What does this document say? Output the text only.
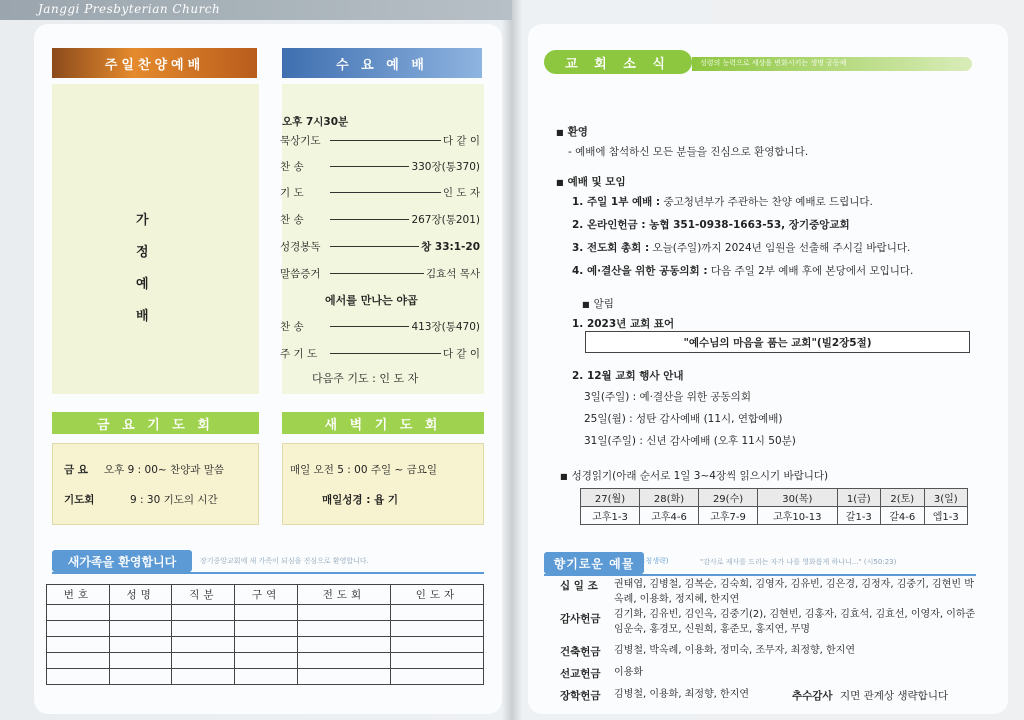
Janggi Presbyterian Church
주일찬양예배	수 요 예 배
가
정
예
배
오후 7시30분
묵상기도	다 같 이
찬 송	330장(통370)
기 도	인 도 자
찬 송	267장(통201)
성경봉독	창 33:1-20
말씀증거	김효석 목사
에서를 만나는 야곱
찬 송	413장(통470)
주 기 도	다 같 이
다음주 기도 : 인 도 자
금 요 기 도 회	새 벽 기 도 회
금 요 오후 9 : 00~ 찬양과 말씀
기도회	9 : 30 기도의 시간
매일 오전 5 : 00 주일 ~ 금요일
매일성경 : 욥 기
새가족을 환영합니다	장기중앙교회에 새 가족이 되심을 진심으로 환영합니다.
번호	성명	직분	구역	전도회	인도자

교 회 소 식	성령의 능력으로 세상을 변화시키는 생명 공동체
■ 환영
- 예배에 참석하신 모든 분들을 진심으로 환영합니다.
■ 예배 및 모임
1. 주일 1부 예배 : 중고청년부가 주관하는 찬양 예배로 드립니다.
2. 온라인헌금 : 농협 351-0938-1663-53, 장기중앙교회
3. 전도회 총회 : 오늘(주일)까지 2024년 임원을 선출해 주시길 바랍니다.
4. 예·결산을 위한 공동의회 : 다음 주일 2부 예배 후에 본당에서 모입니다.
■ 알림
1. 2023년 교회 표어
"예수님의 마음을 품는 교회"(빌2장5절)
2. 12월 교회 행사 안내
3일(주일) : 예·결산을 위한 공동의회
25일(월) : 성탄 감사예배 (11시, 연합예배)
31일(주일) : 신년 감사예배 (오후 11시 50분)
■ 성경읽기(아래 순서로 1일 3~4장씩 읽으시기 바랍니다)
27(월)	28(화)	29(수)	30(목)	1(금)	2(토)	3(일)
고후1-3	고후4-6	고후7-9	고후10-13	갈1-3	갈4-6	엡1-3
향기로운 예물 (존칭생략)	"감사로 제사를 드리는 자가 나를 영화롭게 하나니..." (시50:23)
십 일 조 권태엽, 김병철, 김복순, 김숙희, 김영자, 김유빈, 김은경, 김정자, 김중기, 김현빈 박옥례, 이용화, 정지혜, 한지연
감사헌금 김기화, 김유빈, 김인옥, 김중기(2), 김현빈, 김홍자, 김효석, 김효선, 이영자, 이하준 임운숙, 홍경모, 신원희, 홍준모, 홍지연, 무명
건축헌금 김병철, 박옥례, 이용화, 정미숙, 조무자, 최정향, 한지연
선교헌금 이용화
장학헌금 김병철, 이용화, 최정향, 한지연	추수감사 지면 관계상 생략합니다
